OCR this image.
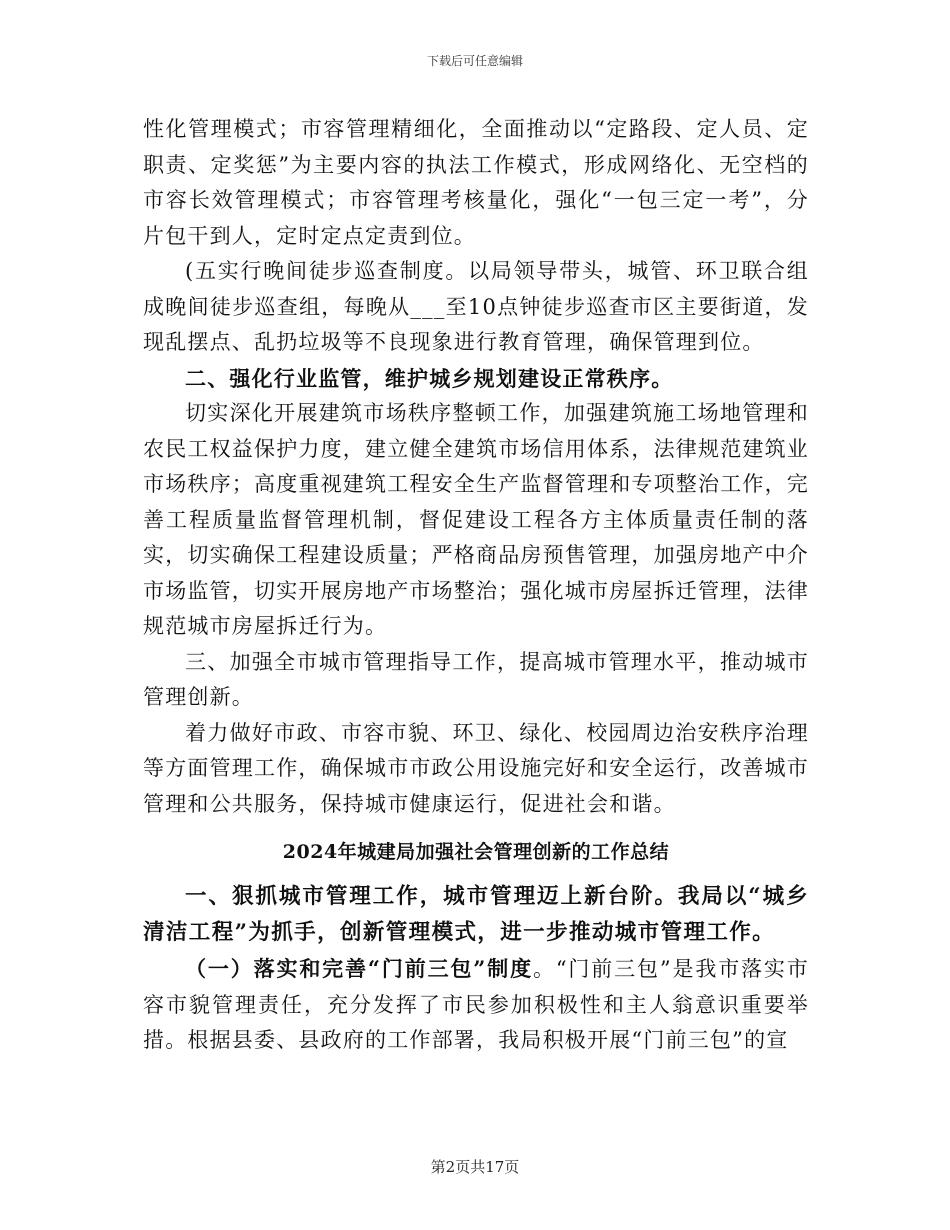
下载后可任意编辑

性化管理模式；市容管理精细化，全面推动以“定路段、定人员、定职责、定奖惩”为主要内容的执法工作模式，形成网络化、无空档的市容长效管理模式；市容管理考核量化，强化“一包三定一考”，分片包干到人，定时定点定责到位。

(五实行晚间徒步巡查制度。以局领导带头，城管、环卫联合组成晚间徒步巡查组，每晚从___至10点钟徒步巡查市区主要街道，发现乱摆点、乱扔垃圾等不良现象进行教育管理，确保管理到位。

二、强化行业监管，维护城乡规划建设正常秩序。

切实深化开展建筑市场秩序整顿工作，加强建筑施工场地管理和农民工权益保护力度，建立健全建筑市场信用体系，法律规范建筑业市场秩序；高度重视建筑工程安全生产监督管理和专项整治工作，完善工程质量监督管理机制，督促建设工程各方主体质量责任制的落实，切实确保工程建设质量；严格商品房预售管理，加强房地产中介市场监管，切实开展房地产市场整治；强化城市房屋拆迁管理，法律规范城市房屋拆迁行为。

三、加强全市城市管理指导工作，提高城市管理水平，推动城市管理创新。

着力做好市政、市容市貌、环卫、绿化、校园周边治安秩序治理等方面管理工作，确保城市市政公用设施完好和安全运行，改善城市管理和公共服务，保持城市健康运行，促进社会和谐。

2024年城建局加强社会管理创新的工作总结

一、狠抓城市管理工作，城市管理迈上新台阶。我局以“城乡清洁工程”为抓手，创新管理模式，进一步推动城市管理工作。

（一）落实和完善“门前三包”制度。“门前三包”是我市落实市容市貌管理责任，充分发挥了市民参加积极性和主人翁意识重要举措。根据县委、县政府的工作部署，我局积极开展“门前三包”的宣

第2页共17页
